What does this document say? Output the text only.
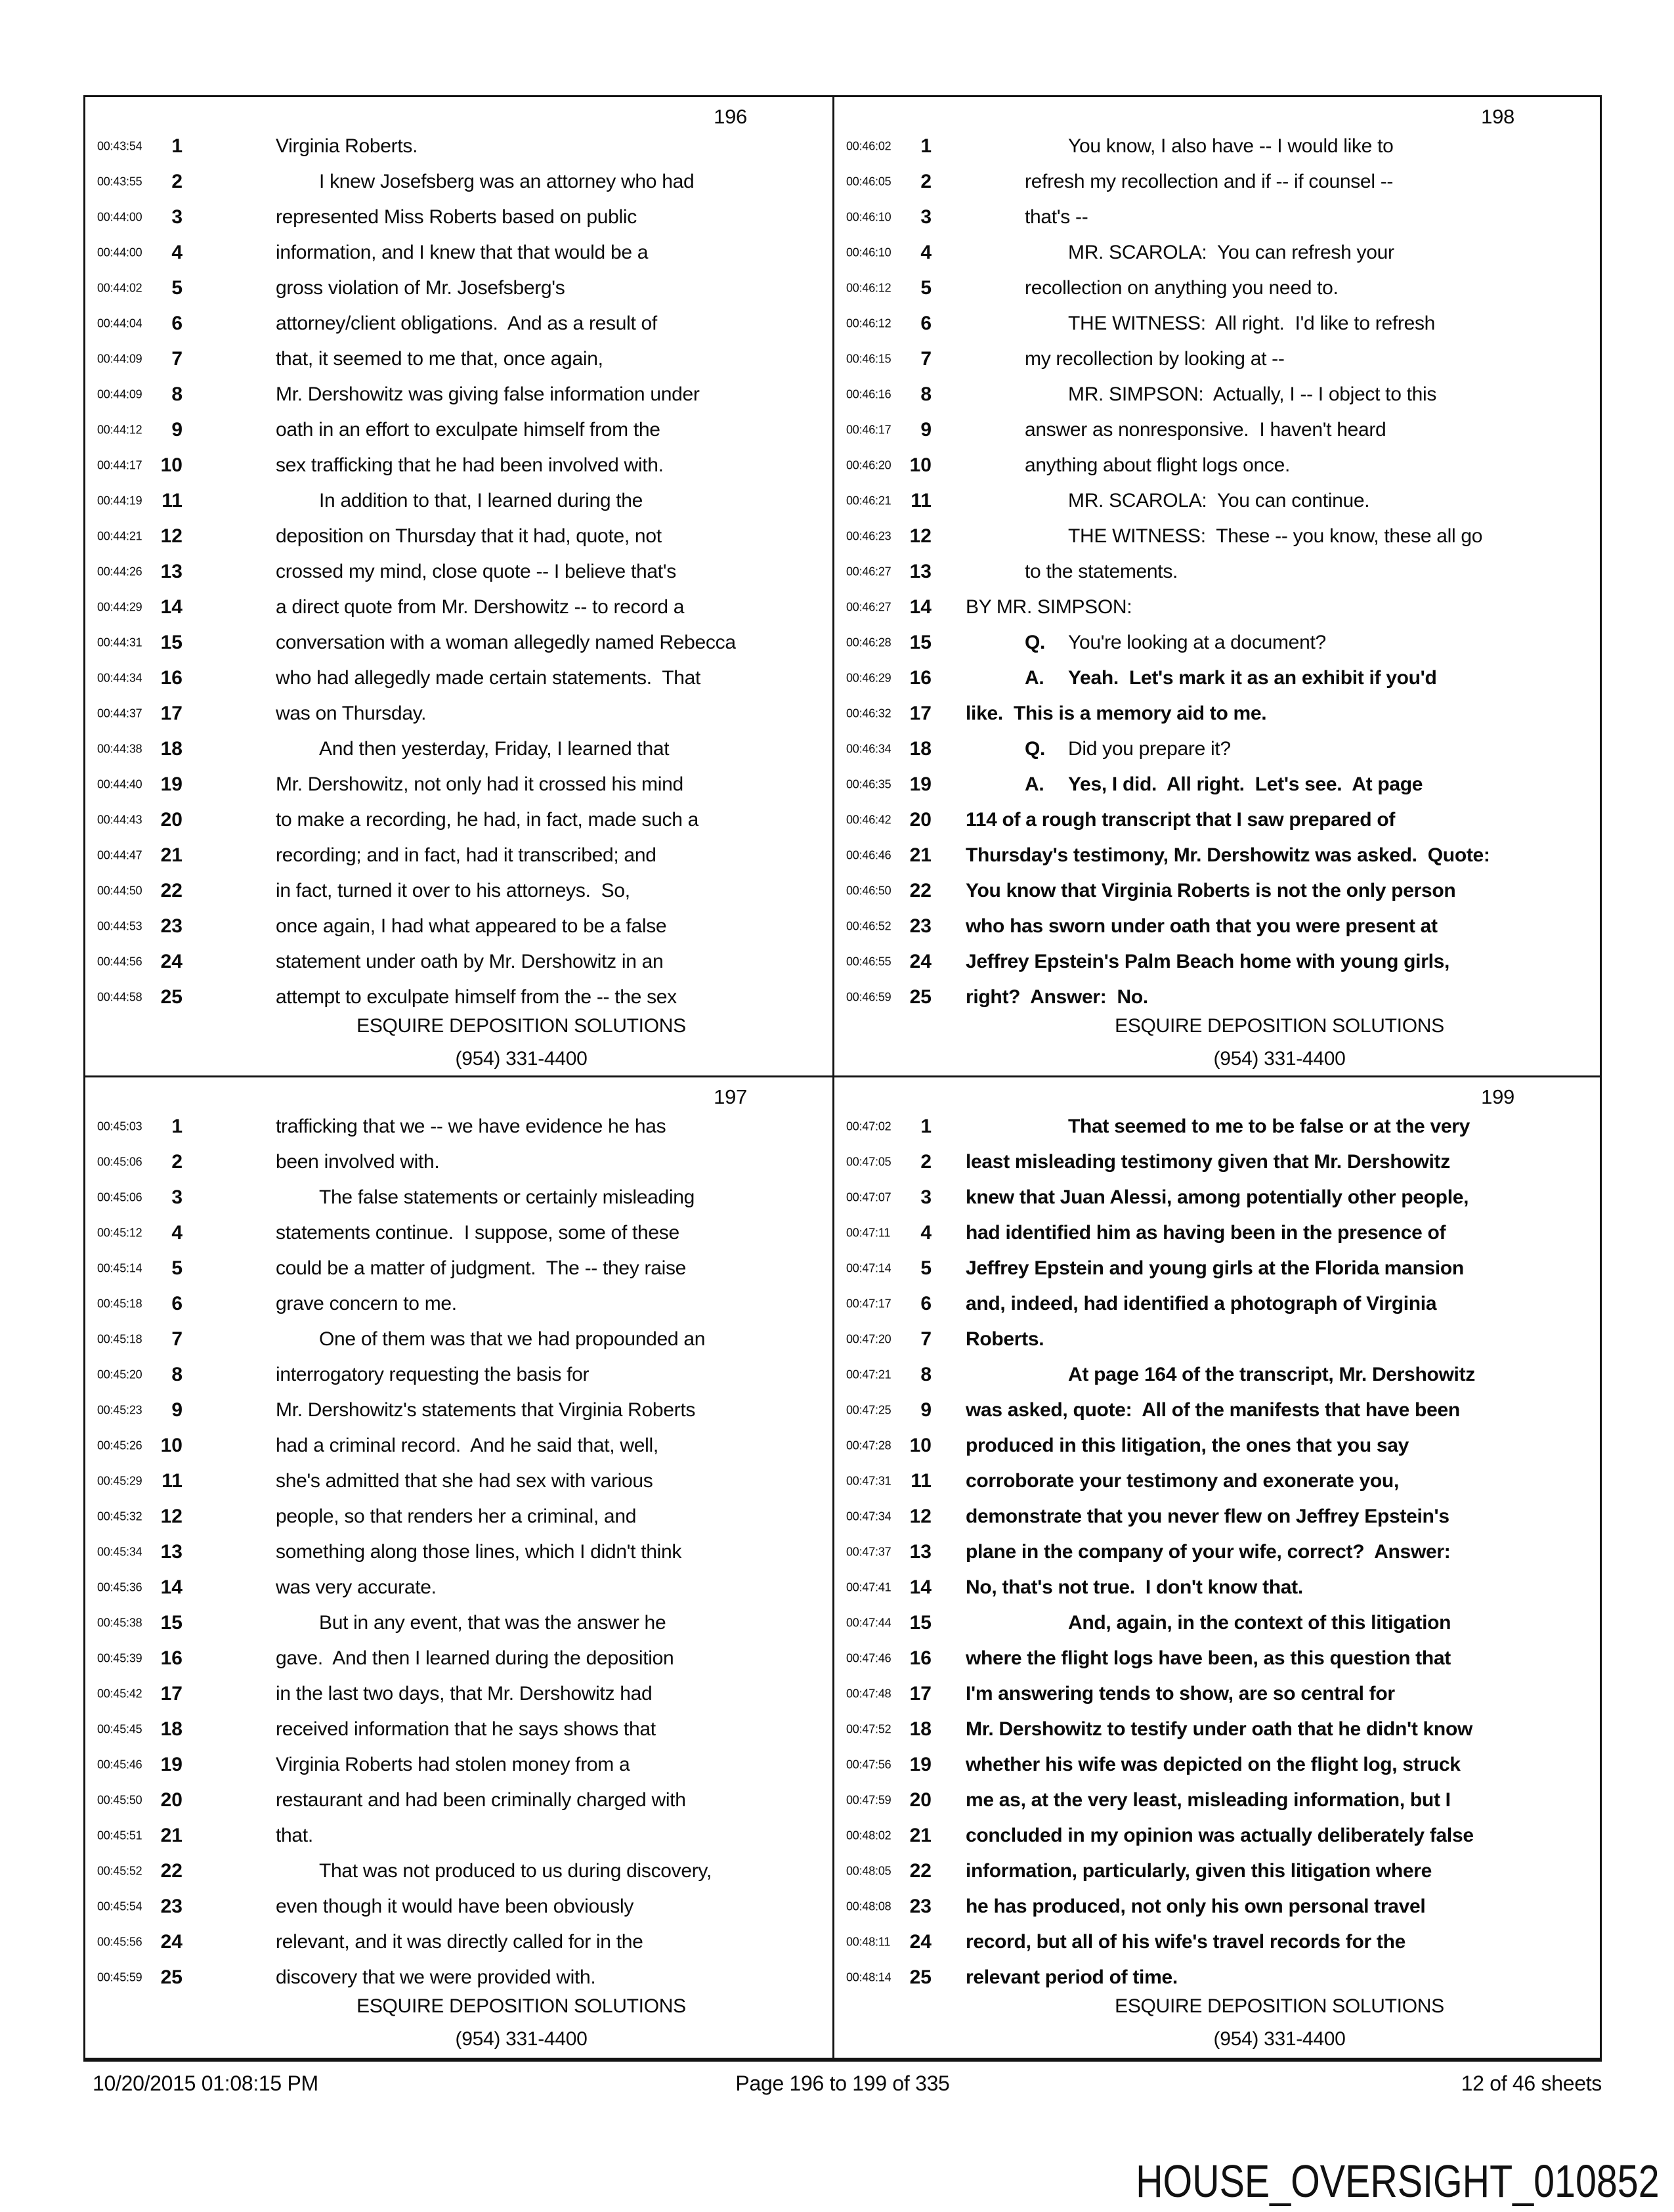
196
00:43:54	1	Virginia Roberts.
00:43:55	2	I knew Josefsberg was an attorney who had
00:44:00	3	represented Miss Roberts based on public
00:44:00	4	information, and I knew that that would be a
00:44:02	5	gross violation of Mr. Josefsberg's
00:44:04	6	attorney/client obligations.  And as a result of
00:44:09	7	that, it seemed to me that, once again,
00:44:09	8	Mr. Dershowitz was giving false information under
00:44:12	9	oath in an effort to exculpate himself from the
00:44:17 10	sex trafficking that he had been involved with.
00:44:19 11	In addition to that, I learned during the
00:44:21 12	deposition on Thursday that it had, quote, not
00:44:26 13	crossed my mind, close quote -- I believe that's
00:44:29 14	a direct quote from Mr. Dershowitz -- to record a
00:44:31 15	conversation with a woman allegedly named Rebecca
00:44:34 16	who had allegedly made certain statements.  That
00:44:37 17	was on Thursday.
00:44:38 18	And then yesterday, Friday, I learned that
00:44:40 19	Mr. Dershowitz, not only had it crossed his mind
00:44:43 20	to make a recording, he had, in fact, made such a
00:44:47 21	recording; and in fact, had it transcribed; and
00:44:50 22	in fact, turned it over to his attorneys.  So,
00:44:53 23	once again, I had what appeared to be a false
00:44:56 24	statement under oath by Mr. Dershowitz in an
00:44:58 25	attempt to exculpate himself from the -- the sex
ESQUIRE DEPOSITION SOLUTIONS
(954) 331-4400
198
00:46:02	1	You know, I also have -- I would like to
00:46:05	2	refresh my recollection and if -- if counsel --
00:46:10	3	that's --
00:46:10	4	MR. SCAROLA:  You can refresh your
00:46:12	5	recollection on anything you need to.
00:46:12	6	THE WITNESS:  All right.  I'd like to refresh
00:46:15	7	my recollection by looking at --
00:46:16	8	MR. SIMPSON:  Actually, I -- I object to this
00:46:17	9	answer as nonresponsive.  I haven't heard
00:46:20 10	anything about flight logs once.
00:46:21 11	MR. SCAROLA:  You can continue.
00:46:23 12	THE WITNESS:  These -- you know, these all go
00:46:27 13	to the statements.
00:46:27 14 BY MR. SIMPSON:
00:46:28 15	Q. You're looking at a document?
00:46:29 16	A. Yeah.  Let's mark it as an exhibit if you'd
00:46:32 17 like.  This is a memory aid to me.
00:46:34 18	Q. Did you prepare it?
00:46:35 19	A. Yes, I did.  All right.  Let's see.  At page
00:46:42 20 114 of a rough transcript that I saw prepared of
00:46:46 21 Thursday's testimony, Mr. Dershowitz was asked.  Quote:
00:46:50 22 You know that Virginia Roberts is not the only person
00:46:52 23 who has sworn under oath that you were present at
00:46:55 24 Jeffrey Epstein's Palm Beach home with young girls,
00:46:59 25 right?  Answer:  No.
ESQUIRE DEPOSITION SOLUTIONS
(954) 331-4400
197
00:45:03	1	trafficking that we -- we have evidence he has
00:45:06	2	been involved with.
00:45:06	3	The false statements or certainly misleading
00:45:12	4	statements continue.  I suppose, some of these
00:45:14	5	could be a matter of judgment.  The -- they raise
00:45:18	6	grave concern to me.
00:45:18	7	One of them was that we had propounded an
00:45:20	8	interrogatory requesting the basis for
00:45:23	9	Mr. Dershowitz's statements that Virginia Roberts
00:45:26 10	had a criminal record.  And he said that, well,
00:45:29 11	she's admitted that she had sex with various
00:45:32 12	people, so that renders her a criminal, and
00:45:34 13	something along those lines, which I didn't think
00:45:36 14	was very accurate.
00:45:38 15	But in any event, that was the answer he
00:45:39 16	gave.  And then I learned during the deposition
00:45:42 17	in the last two days, that Mr. Dershowitz had
00:45:45 18	received information that he says shows that
00:45:46 19	Virginia Roberts had stolen money from a
00:45:50 20	restaurant and had been criminally charged with
00:45:51 21	that.
00:45:52 22	That was not produced to us during discovery,
00:45:54 23	even though it would have been obviously
00:45:56 24	relevant, and it was directly called for in the
00:45:59 25	discovery that we were provided with.
ESQUIRE DEPOSITION SOLUTIONS
(954) 331-4400
199
00:47:02	1	That seemed to me to be false or at the very
00:47:05	2 least misleading testimony given that Mr. Dershowitz
00:47:07	3 knew that Juan Alessi, among potentially other people,
00:47:11	4 had identified him as having been in the presence of
00:47:14	5 Jeffrey Epstein and young girls at the Florida mansion
00:47:17	6 and, indeed, had identified a photograph of Virginia
00:47:20	7 Roberts.
00:47:21	8	At page 164 of the transcript, Mr. Dershowitz
00:47:25	9 was asked, quote:  All of the manifests that have been
00:47:28 10 produced in this litigation, the ones that you say
00:47:31 11 corroborate your testimony and exonerate you,
00:47:34 12 demonstrate that you never flew on Jeffrey Epstein's
00:47:37 13 plane in the company of your wife, correct?  Answer:
00:47:41 14 No, that's not true.  I don't know that.
00:47:44 15	And, again, in the context of this litigation
00:47:46 16 where the flight logs have been, as this question that
00:47:48 17 I'm answering tends to show, are so central for
00:47:52 18 Mr. Dershowitz to testify under oath that he didn't know
00:47:56 19 whether his wife was depicted on the flight log, struck
00:47:59 20 me as, at the very least, misleading information, but I
00:48:02 21 concluded in my opinion was actually deliberately false
00:48:05 22 information, particularly, given this litigation where
00:48:08 23 he has produced, not only his own personal travel
00:48:11 24 record, but all of his wife's travel records for the
00:48:14 25 relevant period of time.
ESQUIRE DEPOSITION SOLUTIONS
(954) 331-4400
10/20/2015 01:08:15 PM	Page 196 to 199 of 335	12 of 46 sheets
HOUSE_OVERSIGHT_010852
